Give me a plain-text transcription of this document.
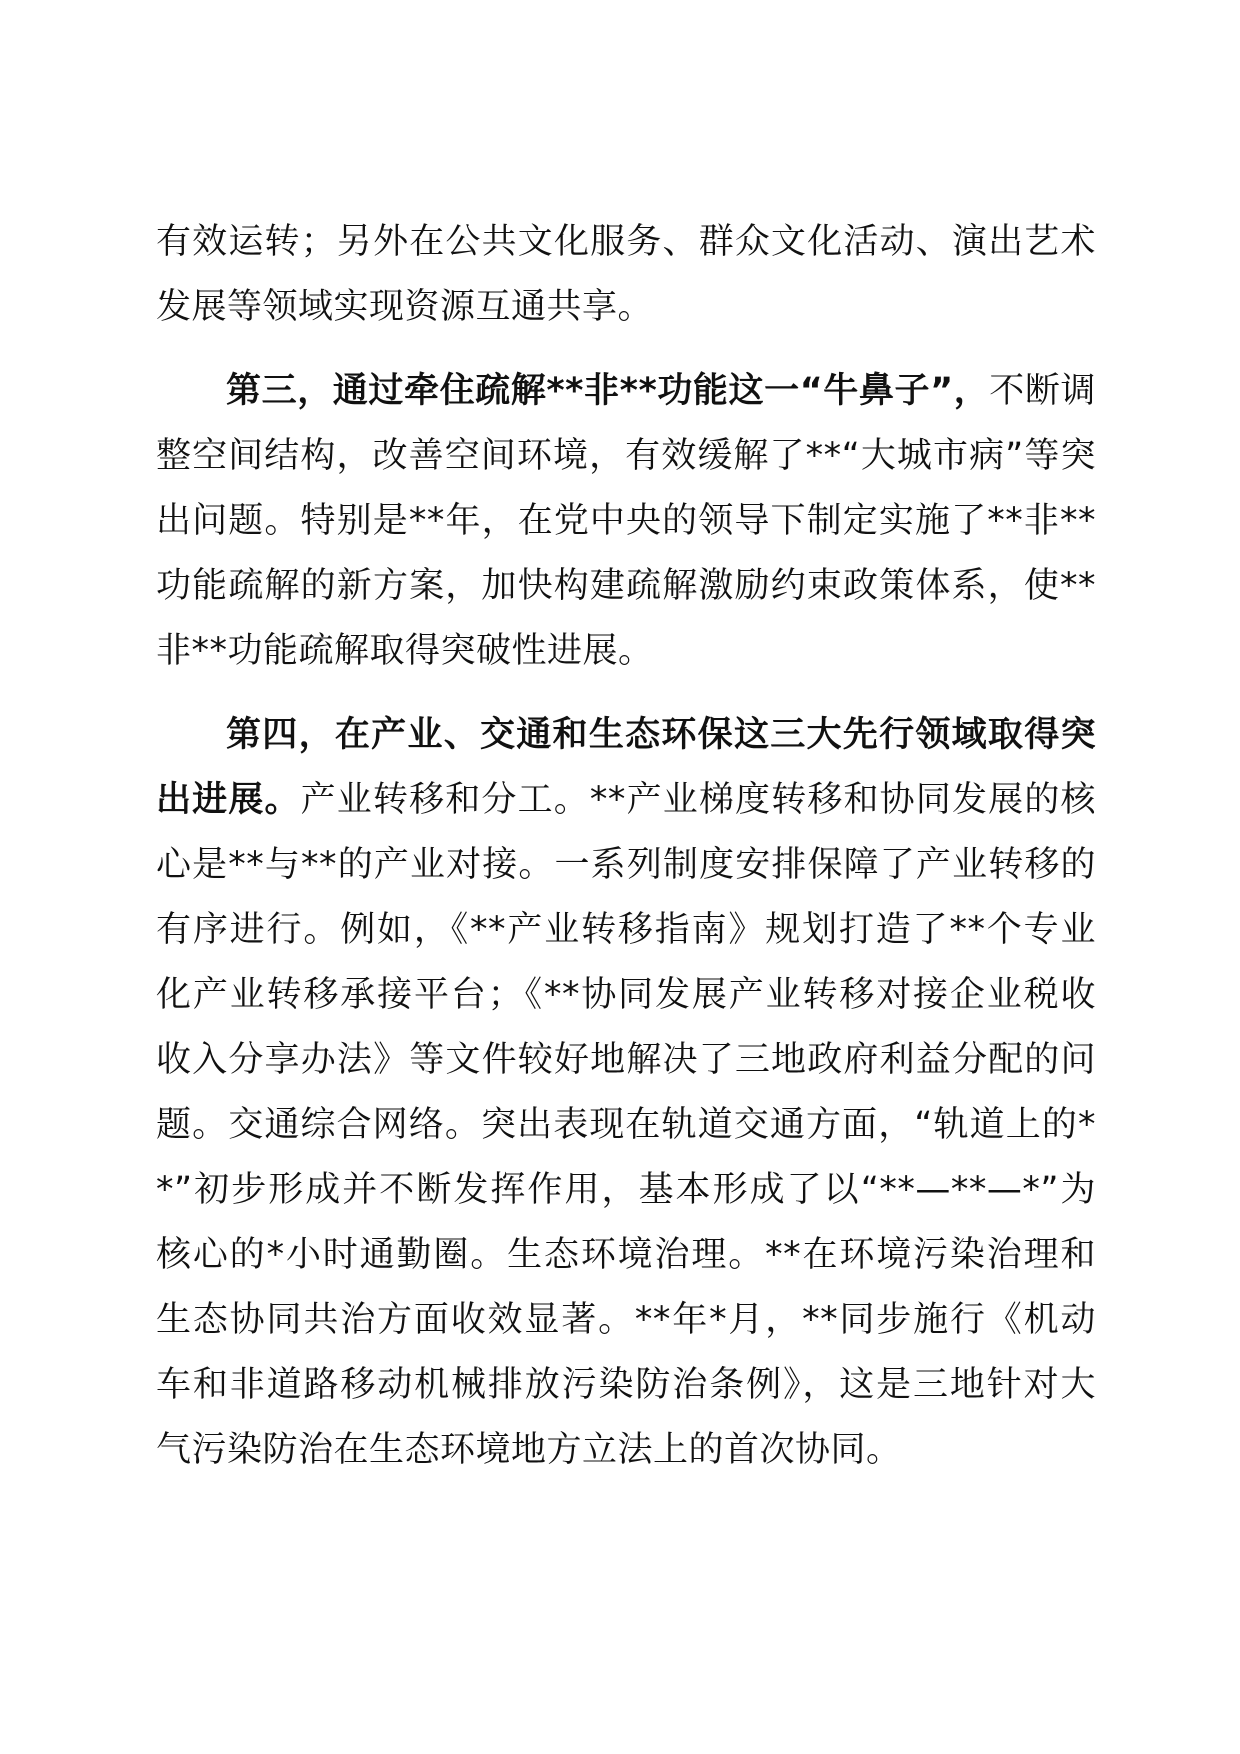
有效运转；另外在公共文化服务、群众文化活动、演出艺术发展等领域实现资源互通共享。

第三，通过牵住疏解**非**功能这一“牛鼻子”，不断调整空间结构，改善空间环境，有效缓解了**“大城市病”等突出问题。特别是**年，在党中央的领导下制定实施了**非**功能疏解的新方案，加快构建疏解激励约束政策体系，使**非**功能疏解取得突破性进展。

第四，在产业、交通和生态环保这三大先行领域取得突出进展。产业转移和分工。**产业梯度转移和协同发展的核心是**与**的产业对接。一系列制度安排保障了产业转移的有序进行。例如，《**产业转移指南》规划打造了**个专业化产业转移承接平台；《**协同发展产业转移对接企业税收收入分享办法》等文件较好地解决了三地政府利益分配的问题。交通综合网络。突出表现在轨道交通方面，“轨道上的**”初步形成并不断发挥作用，基本形成了以“**—**—*”为核心的*小时通勤圈。生态环境治理。**在环境污染治理和生态协同共治方面收效显著。**年*月，**同步施行《机动车和非道路移动机械排放污染防治条例》，这是三地针对大气污染防治在生态环境地方立法上的首次协同。
